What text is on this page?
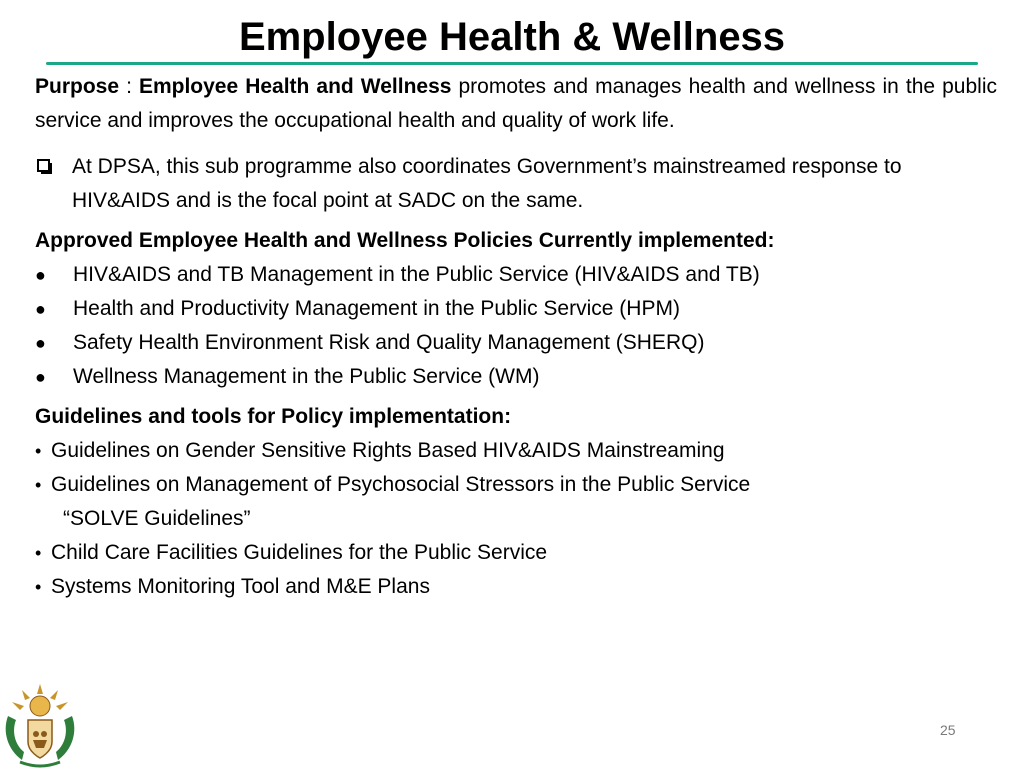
Employee Health & Wellness

Purpose : Employee Health and Wellness promotes and manages health and wellness in the public service and improves the occupational health and quality of work life.

At DPSA, this sub programme also coordinates Government’s mainstreamed response to HIV&AIDS and is the focal point at SADC on the same.

Approved Employee Health and Wellness Policies Currently implemented:

●	HIV&AIDS and TB Management in the Public Service (HIV&AIDS and TB)
●	Health and Productivity Management in the Public Service (HPM)
●	Safety Health Environment Risk and Quality Management (SHERQ)
●	Wellness Management in the Public Service (WM)

Guidelines and tools for Policy implementation:

• Guidelines on Gender Sensitive Rights Based HIV&AIDS Mainstreaming
• Guidelines on Management of Psychosocial Stressors in the Public Service
“SOLVE Guidelines”
• Child Care Facilities Guidelines for the Public Service
• Systems Monitoring Tool and M&E Plans
25
